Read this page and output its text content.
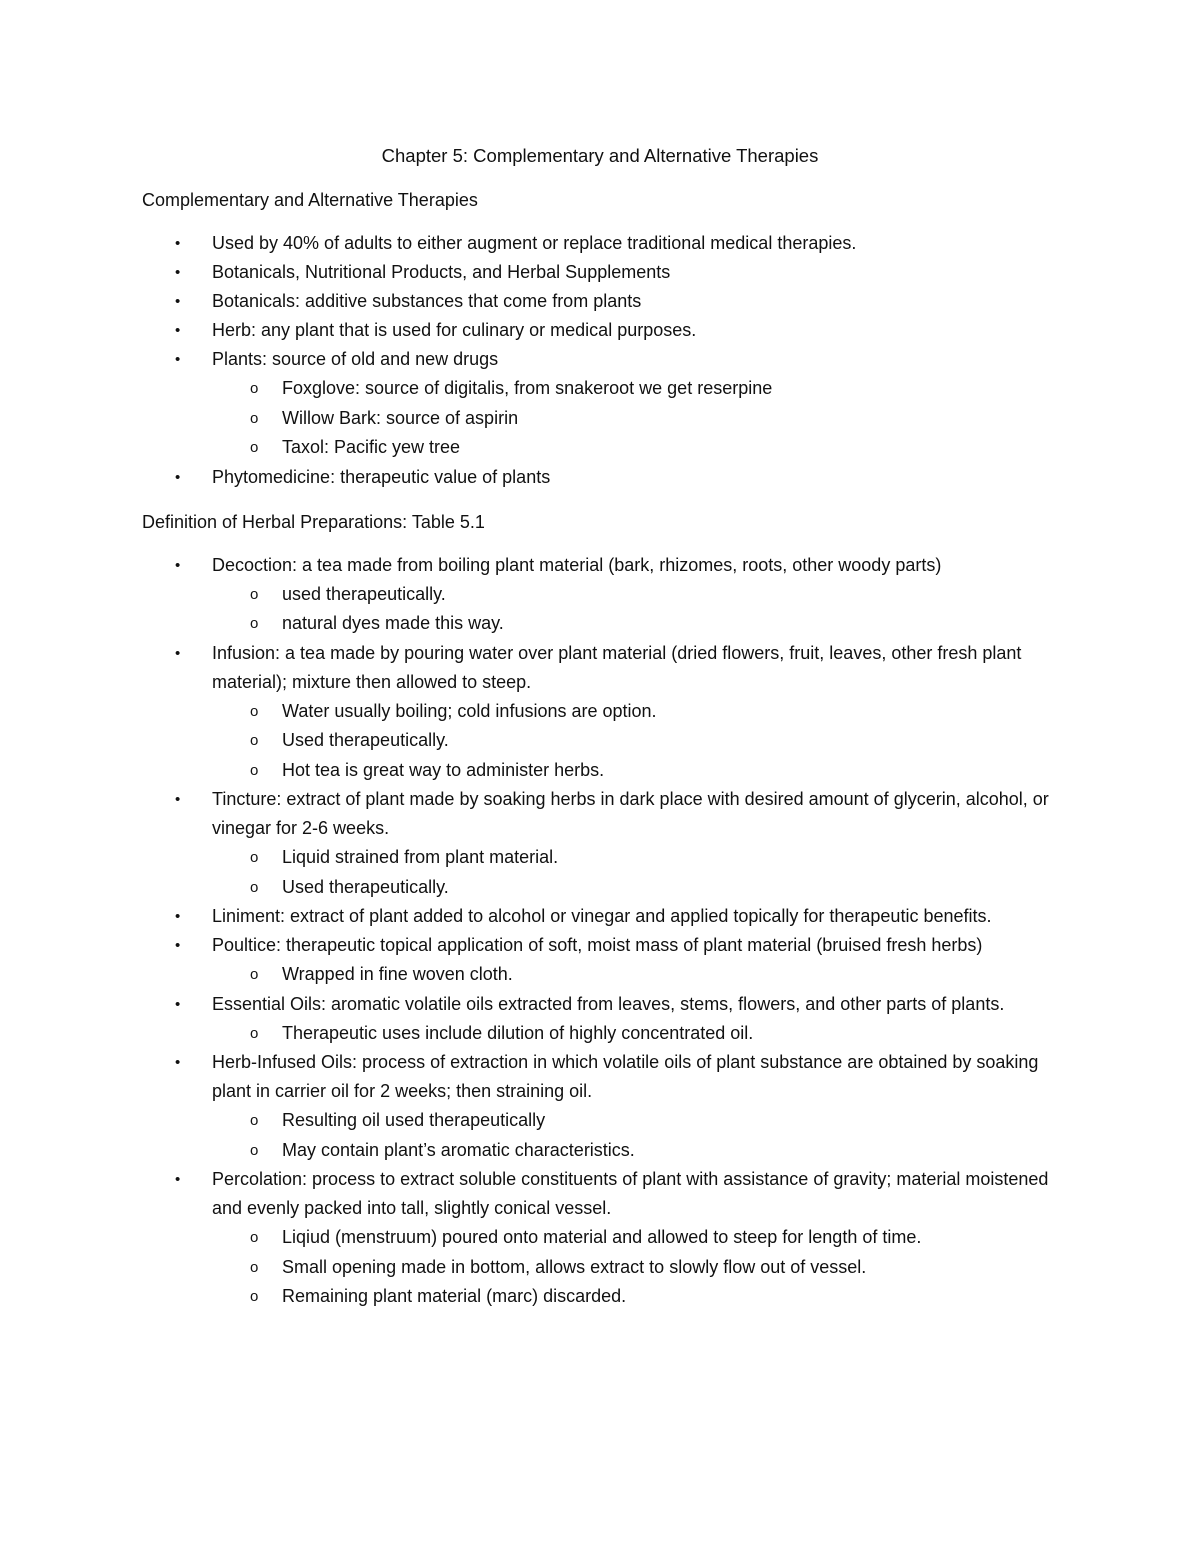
Chapter 5: Complementary and Alternative Therapies

Complementary and Alternative Therapies

• Used by 40% of adults to either augment or replace traditional medical therapies.
• Botanicals, Nutritional Products, and Herbal Supplements
• Botanicals: additive substances that come from plants
• Herb: any plant that is used for culinary or medical purposes.
• Plants: source of old and new drugs
o Foxglove: source of digitalis, from snakeroot we get reserpine
o Willow Bark: source of aspirin
o Taxol: Pacific yew tree
• Phytomedicine: therapeutic value of plants

Definition of Herbal Preparations: Table 5.1

• Decoction: a tea made from boiling plant material (bark, rhizomes, roots, other woody parts)
o used therapeutically.
o natural dyes made this way.
• Infusion: a tea made by pouring water over plant material (dried flowers, fruit, leaves, other fresh plant material); mixture then allowed to steep.
o Water usually boiling; cold infusions are option.
o Used therapeutically.
o Hot tea is great way to administer herbs.
• Tincture: extract of plant made by soaking herbs in dark place with desired amount of glycerin, alcohol, or vinegar for 2-6 weeks.
o Liquid strained from plant material.
o Used therapeutically.
• Liniment: extract of plant added to alcohol or vinegar and applied topically for therapeutic benefits.
• Poultice: therapeutic topical application of soft, moist mass of plant material (bruised fresh herbs)
o Wrapped in fine woven cloth.
• Essential Oils: aromatic volatile oils extracted from leaves, stems, flowers, and other parts of plants.
o Therapeutic uses include dilution of highly concentrated oil.
• Herb-Infused Oils: process of extraction in which volatile oils of plant substance are obtained by soaking plant in carrier oil for 2 weeks; then straining oil.
o Resulting oil used therapeutically
o May contain plant’s aromatic characteristics.
• Percolation: process to extract soluble constituents of plant with assistance of gravity; material moistened and evenly packed into tall, slightly conical vessel.
o Liqiud (menstruum) poured onto material and allowed to steep for length of time.
o Small opening made in bottom, allows extract to slowly flow out of vessel.
o Remaining plant material (marc) discarded.
